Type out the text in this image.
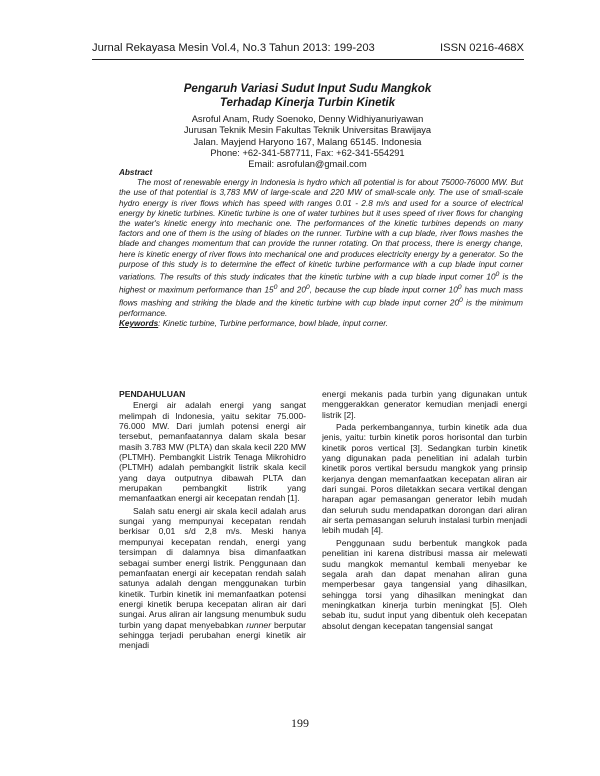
Jurnal Rekayasa Mesin Vol.4, No.3 Tahun 2013: 199-203	ISSN 0216-468X
Pengaruh Variasi Sudut Input Sudu Mangkok
Terhadap Kinerja Turbin Kinetik
Asroful Anam, Rudy Soenoko, Denny Widhiyanuriyawan
Jurusan Teknik Mesin Fakultas Teknik Universitas Brawijaya
Jalan. Mayjend Haryono 167, Malang 65145. Indonesia
Phone: +62-341-587711, Fax: +62-341-554291
Email: asrofulan@gmail.com
Abstract

The most of renewable energy in Indonesia is hydro which all potential is for about 75000-76000 MW. But the use of that potential is 3,783 MW of large-scale and 220 MW of small-scale only. The use of small-scale hydro energy is river flows which has speed with ranges 0.01 - 2.8 m/s and used for a source of electrical energy by kinetic turbines. Kinetic turbine is one of water turbines but it uses speed of river flows for changing the water's kinetic energy into mechanic one. The performances of the kinetic turbines depends on many factors and one of them is the using of blades on the runner. Turbine with a cup blade, river flows mashes the blade and changes momentum that can provide the runner rotating. On that process, there is energy change, here is kinetic energy of river flows into mechanical one and produces electricity energy by a generator. So the purpose of this study is to determine the effect of kinetic turbine performance with a cup blade input corner variations. The results of this study indicates that the kinetic turbine with a cup blade input corner $10^0$ is the highest or maximum performance than $15^0$ and $20^0$, because the cup blade input corner $10^0$ has much mass flows mashing and striking the blade and the kinetic turbine with cup blade input corner $20^0$ is the minimum performance.

Keywords: Kinetic turbine, Turbine performance, bowl blade, input corner.
PENDAHULUAN

Energi air adalah energi yang sangat melimpah di Indonesia, yaitu sekitar 75.000-76.000 MW. Dari jumlah potensi energi air tersebut, pemanfaatannya dalam skala besar masih 3.783 MW (PLTA) dan skala kecil 220 MW (PLTMH). Pembangkit Listrik Tenaga Mikrohidro (PLTMH) adalah pembangkit listrik skala kecil yang daya outputnya dibawah PLTA dan merupakan pembangkit listrik yang memanfaatkan energi air kecepatan rendah [1].

Salah satu energi air skala kecil adalah arus sungai yang mempunyai kecepatan rendah berkisar 0,01 s/d 2,8 m/s. Meski hanya mempunyai kecepatan rendah, energi yang tersimpan di dalamnya bisa dimanfaatkan sebagai sumber energi listrik. Penggunaan dan pemanfaatan energi air kecepatan rendah salah satunya adalah dengan menggunakan turbin kinetik. Turbin kinetik ini memanfaatkan potensi energi kinetik berupa kecepatan aliran air dari sungai. Arus aliran air langsung menumbuk sudu turbin yang dapat menyebabkan runner berputar sehingga terjadi perubahan energi kinetik air menjadi

energi mekanis pada turbin yang digunakan untuk menggerakkan generator kemudian menjadi energi listrik [2].

Pada perkembangannya, turbin kinetik ada dua jenis, yaitu: turbin kinetik poros horisontal dan turbin kinetik poros vertical [3]. Sedangkan turbin kinetik yang digunakan pada penelitian ini adalah turbin kinetik poros vertikal bersudu mangkok yang prinsip kerjanya dengan memanfaatkan kecepatan aliran air dari sungai. Poros diletakkan secara vertikal dengan harapan agar pemasangan generator lebih mudah dan seluruh sudu mendapatkan dorongan dari aliran air serta pemasangan seluruh instalasi turbin menjadi lebih mudah [4].

Penggunaan sudu berbentuk mangkok pada penelitian ini karena distribusi massa air melewati sudu mangkok memantul kembali menyebar ke segala arah dan dapat menahan aliran guna memperbesar gaya tangensial yang dihasilkan, sehingga torsi yang dihasilkan meningkat dan meningkatkan kinerja turbin meningkat [5]. Oleh sebab itu, sudut input yang dibentuk oleh kecepatan absolut dengan kecepatan tangensial sangat

199
